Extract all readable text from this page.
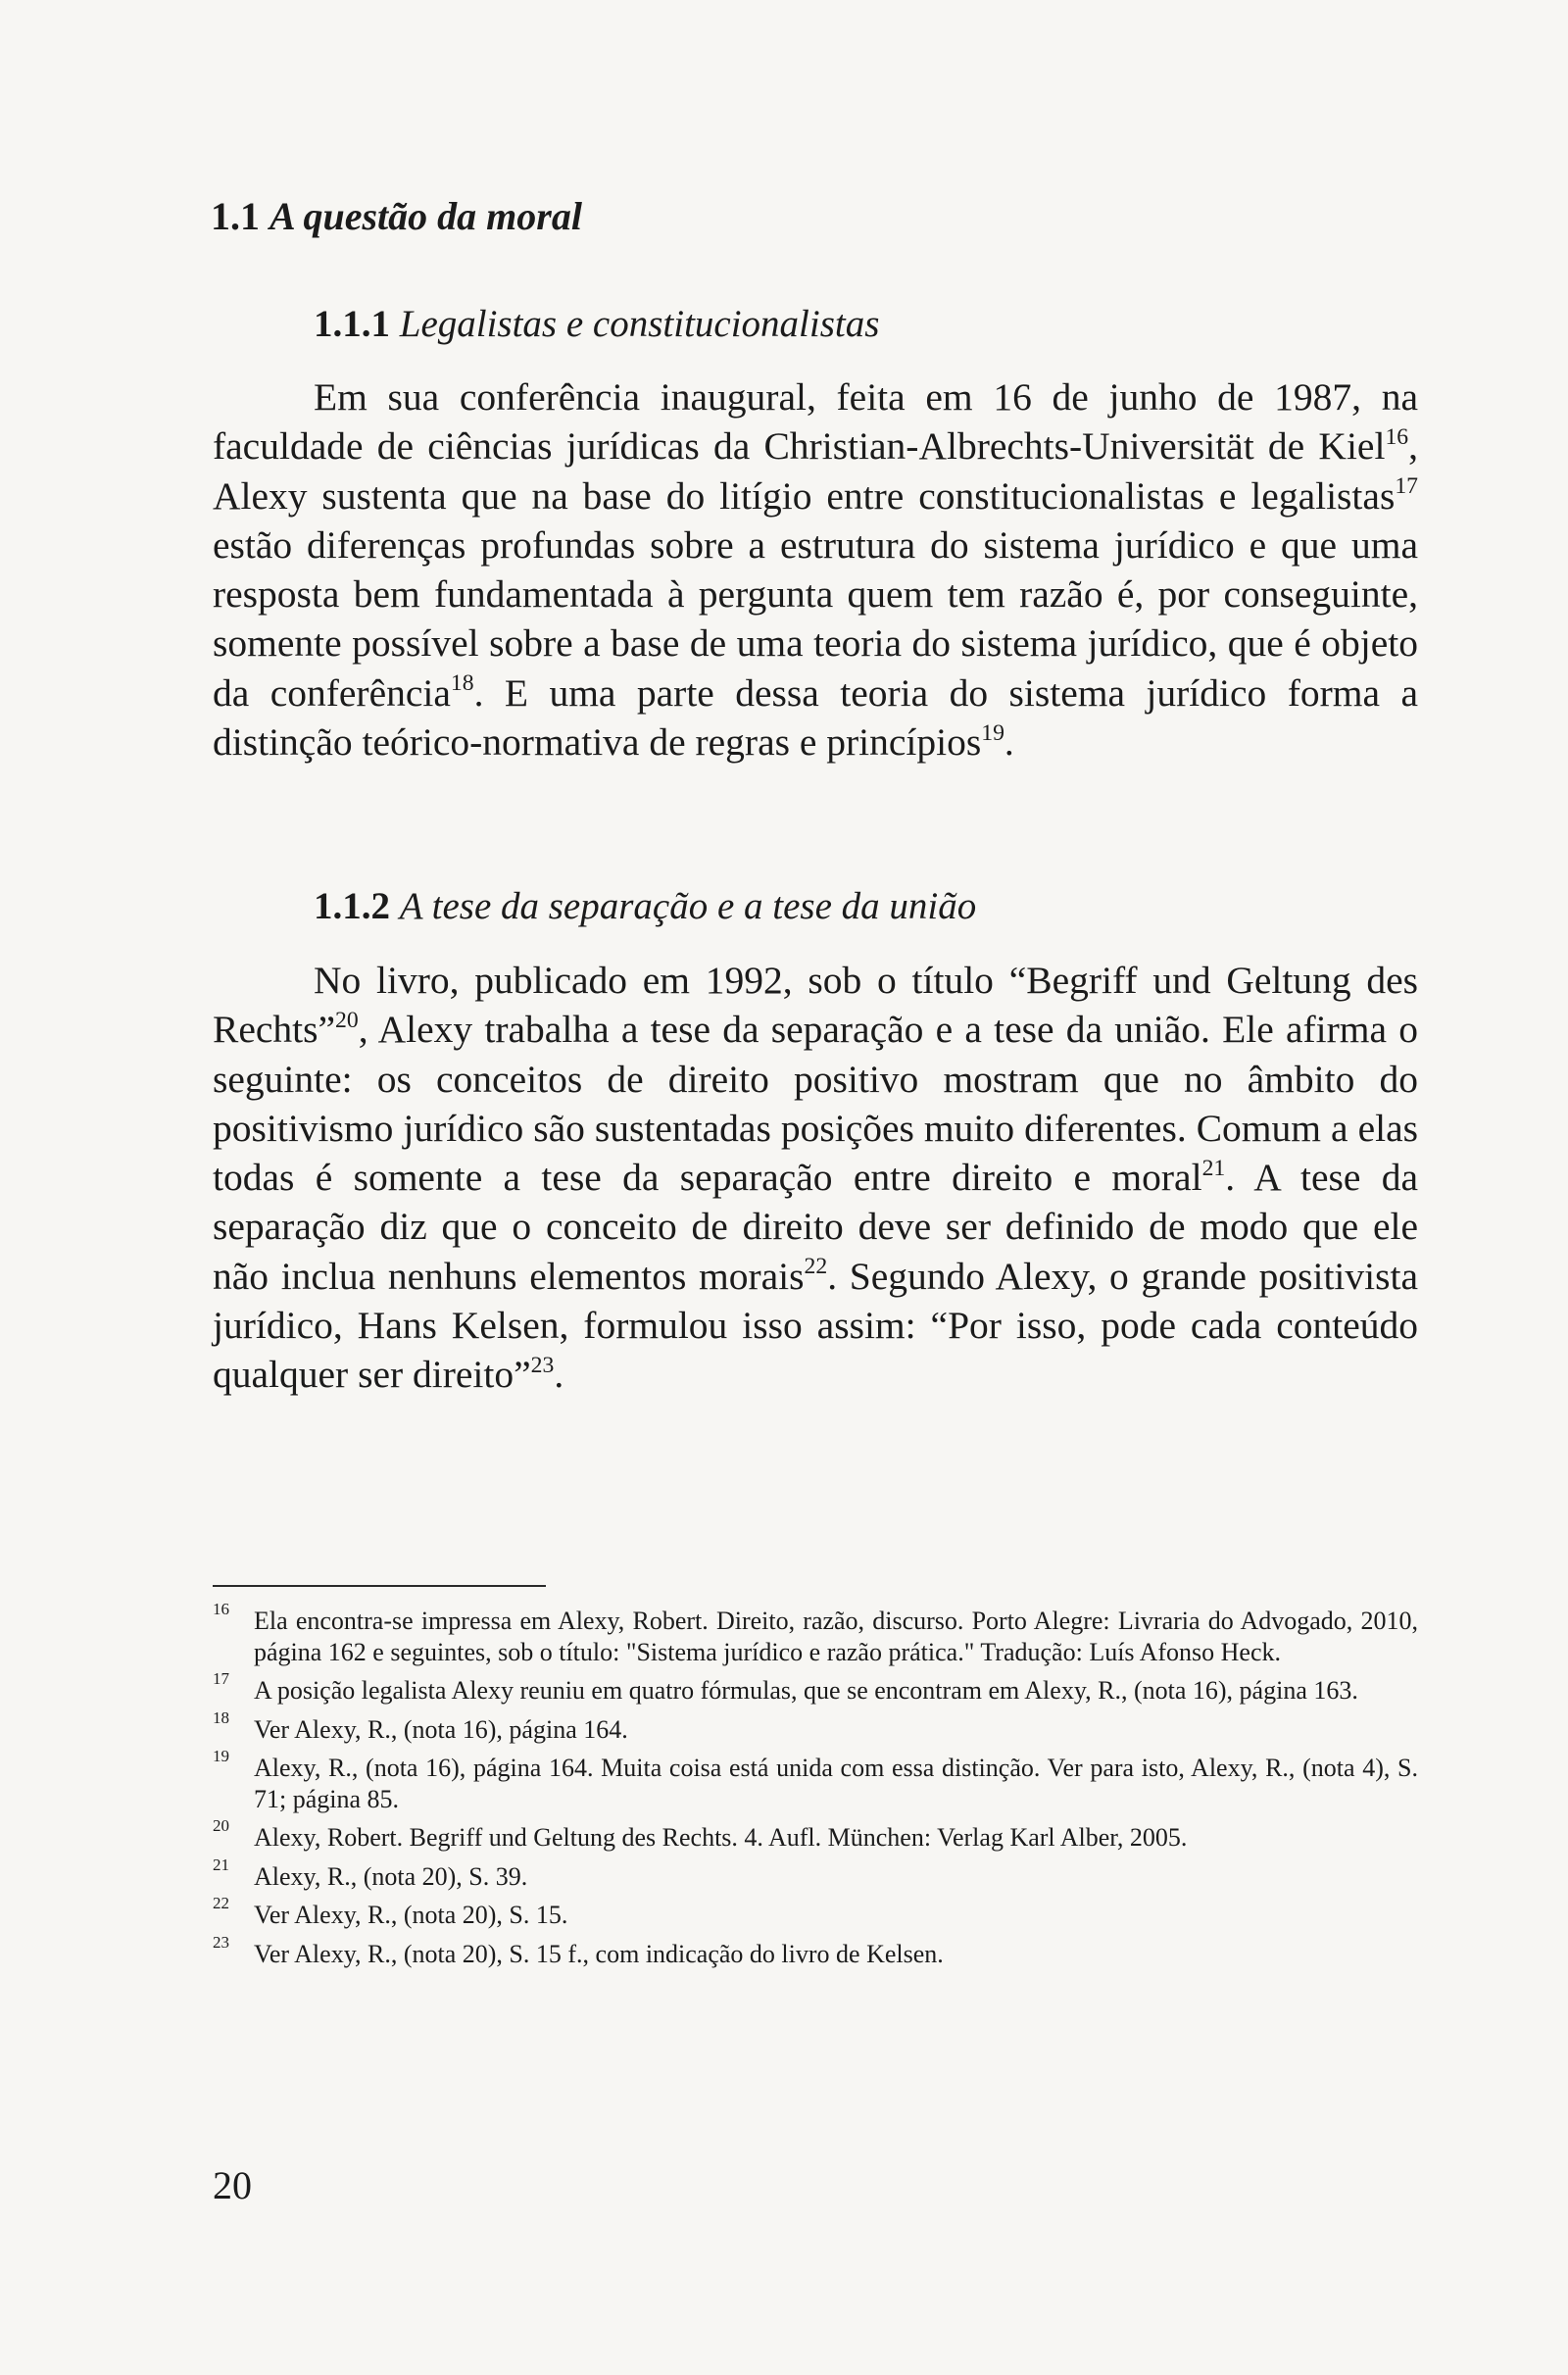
1.1 A questão da moral
1.1.1 Legalistas e constitucionalistas

Em sua conferência inaugural, feita em 16 de junho de 1987, na faculdade de ciências jurídicas da Christian-Albrechts-Universität de Kiel$^{16}$, Alexy sustenta que na base do litígio entre constitucionalistas e legalistas$^{17}$ estão diferenças profundas sobre a estrutura do sistema jurídico e que uma resposta bem fundamentada à pergunta quem tem razão é, por conseguinte, somente possível sobre a base de uma teoria do sistema jurídico, que é objeto da conferência$^{18}$. E uma parte dessa teoria do sistema jurídico forma a distinção teórico-normativa de regras e princípios$^{19}$.

1.1.2 A tese da separação e a tese da união

No livro, publicado em 1992, sob o título “Begriff und Geltung des Rechts”$^{20}$, Alexy trabalha a tese da separação e a tese da união. Ele afirma o seguinte: os conceitos de direito positivo mostram que no âmbito do positivismo jurídico são sustentadas posições muito diferentes. Comum a elas todas é somente a tese da separação entre direito e moral$^{21}$. A tese da separação diz que o conceito de direito deve ser definido de modo que ele não inclua nenhuns elementos morais$^{22}$. Segundo Alexy, o grande positivista jurídico, Hans Kelsen, formulou isso assim: “Por isso, pode cada conteúdo qualquer ser direito”$^{23}$.

16 Ela encontra-se impressa em Alexy, Robert. Direito, razão, discurso. Porto Alegre: Livraria do Advogado, 2010, página 162 e seguintes, sob o título: "Sistema jurídico e razão prática." Tradução: Luís Afonso Heck.
17 A posição legalista Alexy reuniu em quatro fórmulas, que se encontram em Alexy, R., (nota 16), página 163.
18 Ver Alexy, R., (nota 16), página 164.
19 Alexy, R., (nota 16), página 164. Muita coisa está unida com essa distinção. Ver para isto, Alexy, R., (nota 4), S. 71; página 85.
20 Alexy, Robert. Begriff und Geltung des Rechts. 4. Aufl. München: Verlag Karl Alber, 2005.
21 Alexy, R., (nota 20), S. 39.
22 Ver Alexy, R., (nota 20), S. 15.
23 Ver Alexy, R., (nota 20), S. 15 f., com indicação do livro de Kelsen.
20
